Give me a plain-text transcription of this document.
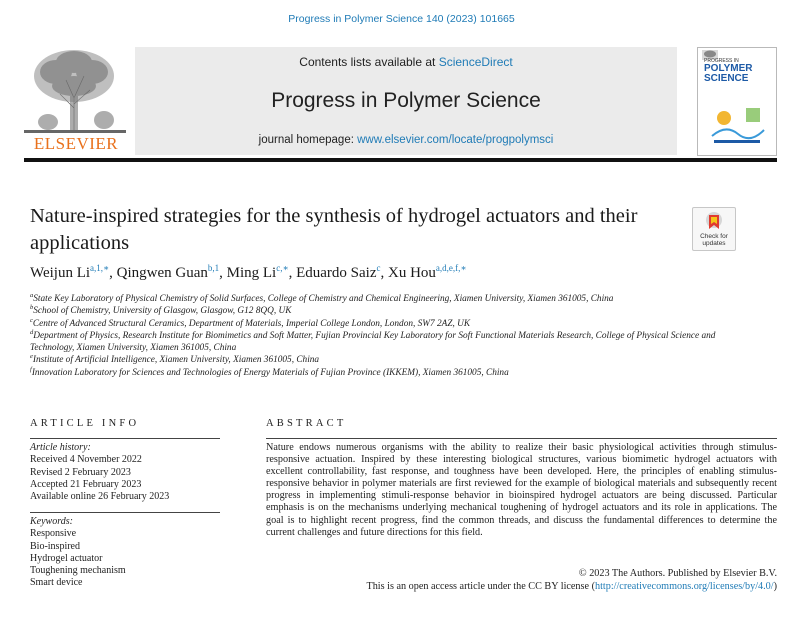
Progress in Polymer Science 140 (2023) 101665
ELSEVIER
Contents lists available at ScienceDirect
Progress in Polymer Science
journal homepage: www.elsevier.com/locate/progpolymsci
PROGRESS IN
POLYMER
SCIENCE
Nature-inspired strategies for the synthesis of hydrogel actuators and their applications	Check for updates
Weijun $Li^{a,1,∗}$, Qingwen Guan$^{b,1}$, Ming $Li^{c,∗}$, Eduardo Saiz$^c$, Xu Hou$^{a,d,e,f,∗}$
$^a$State Key Laboratory of Physical Chemistry of Solid Surfaces, College of Chemistry and Chemical Engineering, Xiamen University, Xiamen 361005, China
$^b$School of Chemistry, University of Glasgow, Glasgow, G12 8QQ, UK
$^c$Centre of Advanced Structural Ceramics, Department of Materials, Imperial College London, London, SW7 2AZ, UK
$^d$Department of Physics, Research Institute for Biomimetics and Soft Matter, Fujian Provincial Key Laboratory for Soft Functional Materials Research, College of Physical Science and Technology, Xiamen University, Xiamen 361005, China
$^e$Institute of Artificial Intelligence, Xiamen University, Xiamen 361005, China
$^f$Innovation Laboratory for Sciences and Technologies of Energy Materials of Fujian Province (IKKEM), Xiamen 361005, China
ARTICLE INFO	ABSTRACT
Article history:
Received 4 November 2022
Revised 2 February 2023
Accepted 21 February 2023
Available online 26 February 2023
Keywords:
Responsive
Bio-inspired
Hydrogel actuator
Toughening mechanism
Smart device
Nature endows numerous organisms with the ability to realize their basic physiological activities through stimulus-responsive actuation. Inspired by these interesting biological structures, various biomimetic hydrogel actuators with excellent controllability, fast response, and toughness have been developed. Here, the principles of enabling stimulus-responsive behavior in polymer materials are first reviewed for the example of biological materials and subsequently recent progress in implementing stimuli-response behavior in bioinspired hydrogel actuators are being discussed. Particular emphasis is on the mechanisms underlying mechanical toughening of hydrogel actuators and its role in applications. The goal is to highlight recent progress, find the common threads, and discuss the fundamental differences to determine the current challenges and future directions for this field.
© 2023 The Authors. Published by Elsevier B.V.
This is an open access article under the CC BY license (http://creativecommons.org/licenses/by/4.0/)
